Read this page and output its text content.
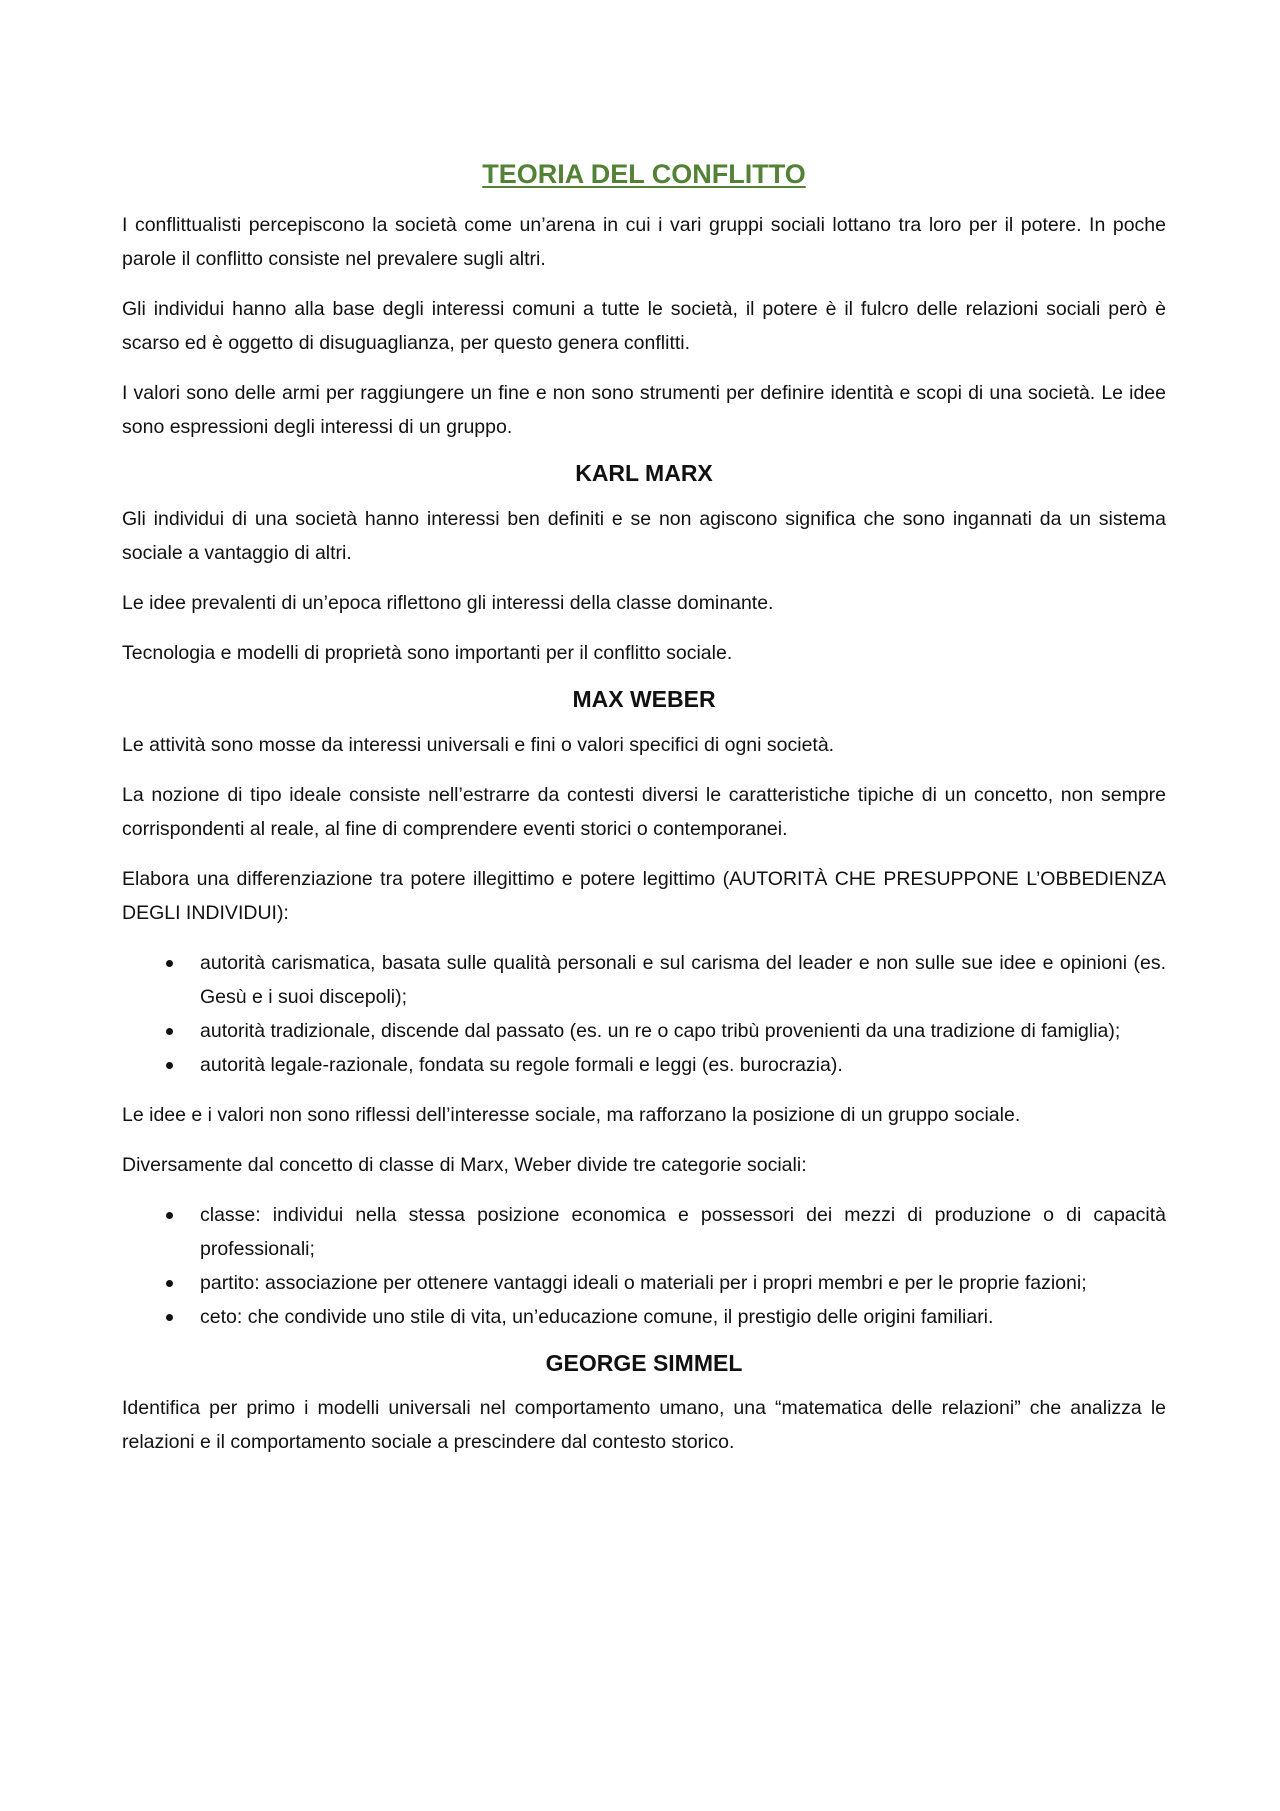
TEORIA DEL CONFLITTO

I conflittualisti percepiscono la società come un’arena in cui i vari gruppi sociali lottano tra loro per il potere. In poche parole il conflitto consiste nel prevalere sugli altri.

Gli individui hanno alla base degli interessi comuni a tutte le società, il potere è il fulcro delle relazioni sociali però è scarso ed è oggetto di disuguaglianza, per questo genera conflitti.

I valori sono delle armi per raggiungere un fine e non sono strumenti per definire identità e scopi di una società. Le idee sono espressioni degli interessi di un gruppo.

KARL MARX

Gli individui di una società hanno interessi ben definiti e se non agiscono significa che sono ingannati da un sistema sociale a vantaggio di altri.

Le idee prevalenti di un’epoca riflettono gli interessi della classe dominante.

Tecnologia e modelli di proprietà sono importanti per il conflitto sociale.

MAX WEBER

Le attività sono mosse da interessi universali e fini o valori specifici di ogni società.

La nozione di tipo ideale consiste nell’estrarre da contesti diversi le caratteristiche tipiche di un concetto, non sempre corrispondenti al reale, al fine di comprendere eventi storici o contemporanei.

Elabora una differenziazione tra potere illegittimo e potere legittimo (AUTORITÀ CHE PRESUPPONE L’OBBEDIENZA DEGLI INDIVIDUI):

autorità carismatica, basata sulle qualità personali e sul carisma del leader e non sulle sue idee e opinioni (es. Gesù e i suoi discepoli);
autorità tradizionale, discende dal passato (es. un re o capo tribù provenienti da una tradizione di famiglia);
autorità legale-razionale, fondata su regole formali e leggi (es. burocrazia).

Le idee e i valori non sono riflessi dell’interesse sociale, ma rafforzano la posizione di un gruppo sociale.

Diversamente dal concetto di classe di Marx, Weber divide tre categorie sociali:

classe: individui nella stessa posizione economica e possessori dei mezzi di produzione o di capacità professionali;
partito: associazione per ottenere vantaggi ideali o materiali per i propri membri e per le proprie fazioni;
ceto: che condivide uno stile di vita, un’educazione comune, il prestigio delle origini familiari.
GEORGE SIMMEL

Identifica per primo i modelli universali nel comportamento umano, una “matematica delle relazioni” che analizza le relazioni e il comportamento sociale a prescindere dal contesto storico.
